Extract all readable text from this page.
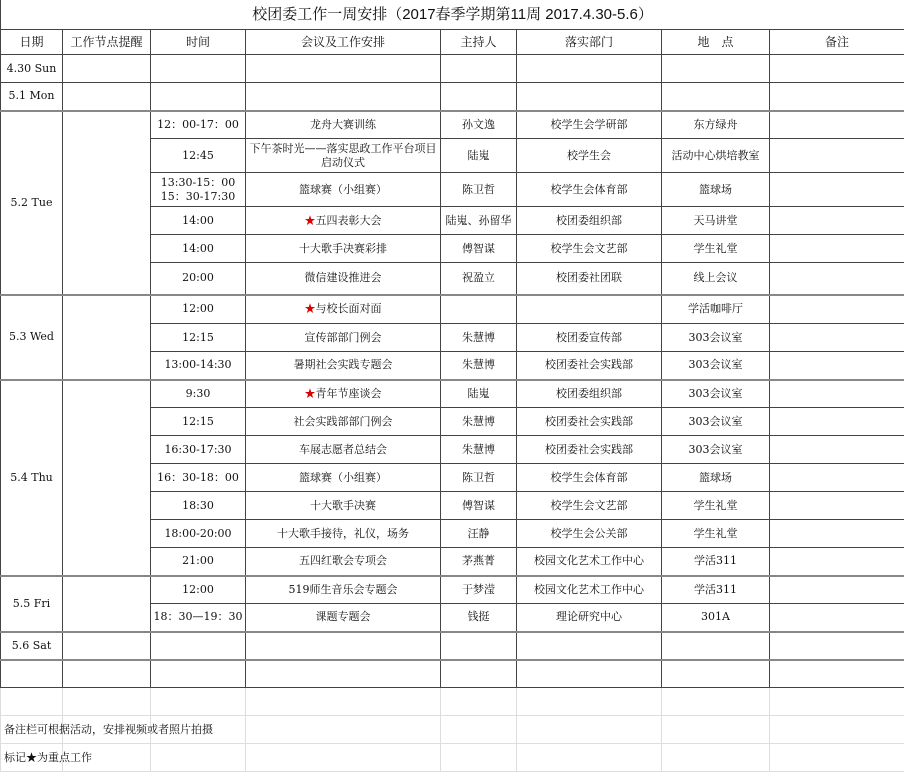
校团委工作一周安排（2017春季学期第11周 2017.4.30-5.6）							
日期	工作节点提醒	时间	会议及工作安排	主持人	落实部门	地　点	备注
4.30 Sun							
5.1 Mon							
5.2 Tue		12：00-17：00	龙舟大赛训练	孙文逸	校学生会学研部	东方绿舟	
		12:45	下午茶时光——落实思政工作平台项目启动仪式	陆嵬	校学生会	活动中心烘培教室	
		13:30-15：00 15：30-17:30	篮球赛（小组赛）	陈卫哲	校学生会体育部	篮球场	
		14:00	★五四表彰大会	陆嵬、孙留华	校团委组织部	天马讲堂	
		14:00	十大歌手决赛彩排	傅智谋	校学生会文艺部	学生礼堂	
		20:00	微信建设推进会	祝盈立	校团委社团联	线上会议	
5.3 Wed		12:00	★与校长面对面			学活咖啡厅	
		12:15	宣传部部门例会	朱慧博	校团委宣传部	303会议室	
		13:00-14:30	暑期社会实践专题会	朱慧博	校团委社会实践部	303会议室	
5.4 Thu		9:30	★青年节座谈会	陆嵬	校团委组织部	303会议室	
		12:15	社会实践部部门例会	朱慧博	校团委社会实践部	303会议室	
		16:30-17:30	车展志愿者总结会	朱慧博	校团委社会实践部	303会议室	
		16：30-18：00	篮球赛（小组赛）	陈卫哲	校学生会体育部	篮球场	
		18:30	十大歌手决赛	傅智谋	校学生会文艺部	学生礼堂	
		18:00-20:00	十大歌手接待，礼仪，场务	汪静	校学生会公关部	学生礼堂	
		21:00	五四红歌会专项会	茅燕菁	校园文化艺术工作中心	学活311	
5.5 Fri		12:00	519师生音乐会专题会	于梦滢	校园文化艺术工作中心	学活311	
		18：30—19：30	课题专题会	钱挺	理论研究中心	301A	
5.6 Sat							

备注栏可根据活动，安排视频或者照片拍摄							
标记★为重点工作							
